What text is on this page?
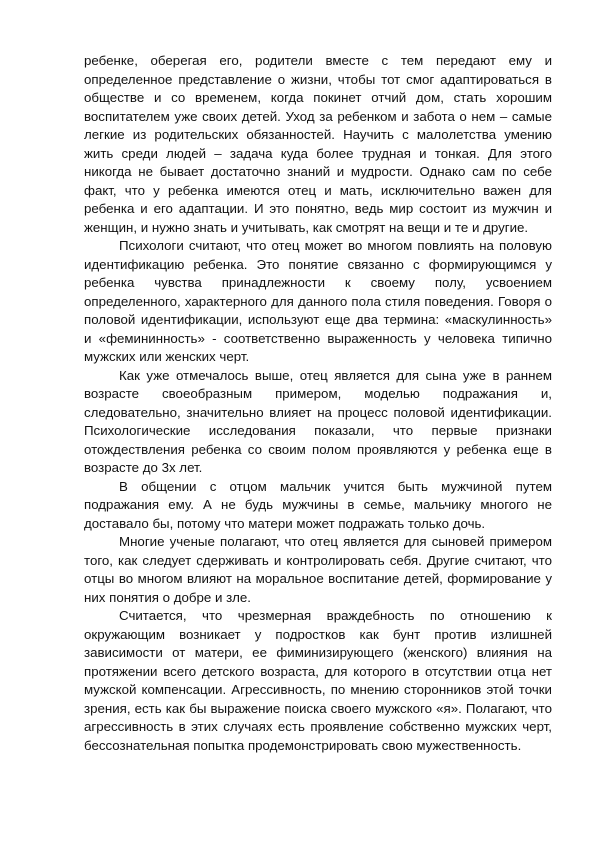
ребенке, оберегая его, родители вместе с тем передают ему и определенное представление о жизни, чтобы тот смог адаптироваться в обществе и со временем, когда покинет отчий дом, стать хорошим воспитателем уже своих детей. Уход за ребенком и забота о нем – самые легкие из родительских обязанностей. Научить с малолетства умению жить среди людей – задача куда более трудная и тонкая. Для этого никогда не бывает достаточно знаний и мудрости. Однако сам по себе факт, что у ребенка имеются отец и мать, исключительно важен для ребенка и его адаптации. И это понятно, ведь мир состоит из мужчин и женщин, и нужно знать и учитывать, как смотрят на вещи и те и другие.

Психологи считают, что отец может во многом повлиять на половую идентификацию ребенка. Это понятие связанно с формирующимся у ребенка чувства принадлежности к своему полу, усвоением определенного, характерного для данного пола стиля поведения. Говоря о половой идентификации, используют еще два термина: «маскулинность» и «фемининность» - соответственно выраженность у человека типично мужских или женских черт.

Как уже отмечалось выше, отец является для сына уже в раннем возрасте своеобразным примером, моделью подражания и, следовательно, значительно влияет на процесс половой идентификации. Психологические исследования показали, что первые признаки отождествления ребенка со своим полом проявляются у ребенка еще в возрасте до 3х лет.

В общении с отцом мальчик учится быть мужчиной путем подражания ему. А не будь мужчины в семье, мальчику многого не доставало бы, потому что матери может подражать только дочь.

Многие ученые полагают, что отец является для сыновей примером того, как следует сдерживать и контролировать себя. Другие считают, что отцы во многом влияют на моральное воспитание детей, формирование у них понятия о добре и зле.

Считается, что чрезмерная враждебность по отношению к окружающим возникает у подростков как бунт против излишней зависимости от матери, ее фиминизирующего (женского) влияния на протяжении всего детского возраста, для которого в отсутствии отца нет мужской компенсации. Агрессивность, по мнению сторонников этой точки зрения, есть как бы выражение поиска своего мужского «я». Полагают, что агрессивность в этих случаях есть проявление собственно мужских черт, бессознательная попытка продемонстрировать свою мужественность.
